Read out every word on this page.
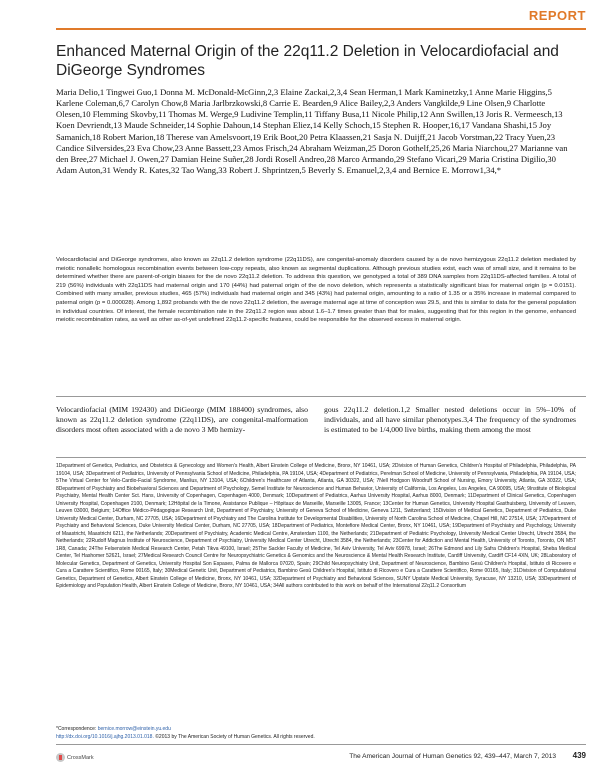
REPORT
Enhanced Maternal Origin of the 22q11.2 Deletion in Velocardiofacial and DiGeorge Syndromes

Maria Delio,1 Tingwei Guo,1 Donna M. McDonald-McGinn,2,3 Elaine Zackai,2,3,4 Sean Herman,1 Mark Kaminetzky,1 Anne Marie Higgins,5 Karlene Coleman,6,7 Carolyn Chow,8 Maria Jarlbrzkowski,8 Carrie E. Bearden,9 Alice Bailey,2,3 Anders Vangkilde,9 Line Olsen,9 Charlotte Olesen,10 Flemming Skovby,11 Thomas M. Werge,9 Ludivine Templin,11 Tiffany Busa,11 Nicole Philip,12 Ann Swillen,13 Joris R. Vermeesch,13 Koen Devriendt,13 Maude Schneider,14 Sophie Dahoun,14 Stephan Eliez,14 Kelly Schoch,15 Stephen R. Hooper,16,17 Vandana Shashi,15 Joy Samanich,18 Robert Marion,18 Therese van Amelsvoort,19 Erik Boot,20 Petra Klaassen,21 Sasja N. Duijff,21 Jacob Vorstman,22 Tracy Yuen,23 Candice Silversides,23 Eva Chow,23 Anne Bassett,23 Amos Frisch,24 Abraham Weizman,25 Doron Gothelf,25,26 Maria Niarchou,27 Marianne van den Bree,27 Michael J. Owen,27 Damian Heine Suñer,28 Jordi Rosell Andreo,28 Marco Armando,29 Stefano Vicari,29 Maria Cristina Digilio,30 Adam Auton,31 Wendy R. Kates,32 Tao Wang,33 Robert J. Shprintzen,5 Beverly S. Emanuel,2,3,4 and Bernice E. Morrow1,34,*

Velocardiofacial and DiGeorge syndromes, also known as 22q11.2 deletion syndrome (22q11DS), are congenital-anomaly disorders caused by a de novo hemizygous 22q11.2 deletion mediated by meiotic nonallelic homologous recombination events between low-copy repeats, also known as segmental duplications. Although previous studies exist, each was of small size, and it remains to be determined whether there are parent-of-origin biases for the de novo 22q11.2 deletion. To address this question, we genotyped a total of 389 DNA samples from 22q11DS-affected families. A total of 219 (56%) individuals with 22q11DS had maternal origin and 170 (44%) had paternal origin of the de novo deletion, which represents a statistically significant bias for maternal origin (p = 0.0151). Combined with many smaller, previous studies, 465 (57%) individuals had maternal origin and 345 (43%) had paternal origin, amounting to a ratio of 1.35 or a 35% increase in maternal compared to paternal origin (p = 0.000028). Among 1,892 probands with the de novo 22q11.2 deletion, the average maternal age at time of conception was 29.5, and this is similar to data for the general population in individual countries. Of interest, the female recombination rate in the 22q11.2 region was about 1.6–1.7 times greater than that for males, suggesting that for this region in the genome, enhanced meiotic recombination rates, as well as other as-of-yet undefined 22q11.2-specific features, could be responsible for the observed excess in maternal origin.

Velocardiofacial (MIM 192430) and DiGeorge (MIM 188400) syndromes, also known as 22q11.2 deletion syndrome (22q11DS), are congenital-malformation disorders most often associated with a de novo 3 Mb hemizy-

gous 22q11.2 deletion.1,2 Smaller nested deletions occur in 5%–10% of individuals, and all have similar phenotypes.3,4 The frequency of the syndromes is estimated to be 1/4,000 live births, making them among the most

1Department of Genetics, Pediatrics, and Obstetrics & Gynecology and Women's Health, Albert Einstein College of Medicine, Bronx, NY 10461, USA; 2Division of Human Genetics, Children's Hospital of Philadelphia, Philadelphia, PA 19104, USA; 3Department of Pediatrics, University of Pennsylvania School of Medicine, Philadelphia, PA 19104, USA; 4Department of Pediatrics, Perelman School of Medicine, University of Pennsylvania, Philadelphia, PA 19104, USA; 5The Virtual Center for Velo-Cardio-Facial Syndrome, Manlius, NY 13104, USA; 6Children's Healthcare of Atlanta, Atlanta, GA 30322, USA; 7Nell Hodgson Woodruff School of Nursing, Emory University, Atlanta, GA 30322, USA; 8Department of Psychiatry and Biobehavioral Sciences and Department of Psychology, Semel Institute for Neuroscience and Human Behavior, University of California, Los Angeles, Los Angeles, CA 90095, USA; 9Institute of Biological Psychiatry, Mental Health Center Sct. Hans, University of Copenhagen, Copenhagen 4000, Denmark; 10Department of Pediatrics, Aarhus University Hospital, Aarhus 8000, Denmark; 11Department of Clinical Genetics, Copenhagen University Hospital, Copenhagen 2100, Denmark; 12Hôpital de la Timone, Assistance Publique – Hôpitaux de Marseille, Marseille 13005, France; 13Center for Human Genetics, University Hospital Gasthuisberg, University of Leuven, Leuven 03000, Belgium; 14Office Médico-Pédagogique Research Unit, Department of Psychiatry, University of Geneva School of Medicine, Geneva 1211, Switzerland; 15Division of Medical Genetics, Department of Pediatrics, Duke University Medical Center, Durham, NC 27705, USA; 16Department of Psychiatry and The Carolina Institute for Developmental Disabilities, University of North Carolina School of Medicine, Chapel Hill, NC 27514, USA; 17Department of Psychiatry and Behavioral Sciences, Duke University Medical Center, Durham, NC 27705, USA; 18Department of Pediatrics, Montefiore Medical Center, Bronx, NY 10461, USA; 19Department of Psychiatry and Psychology, University of Maastricht, Maastricht 6211, the Netherlands; 20Department of Psychiatry, Academic Medical Centre, Amsterdam 1100, the Netherlands; 21Department of Pediatric Psychology, University Medical Center Utrecht, Utrecht 3584, the Netherlands; 22Rudolf Magnus Institute of Neuroscience, Department of Psychiatry, University Medical Center Utrecht, Utrecht 3584, the Netherlands; 23Center for Addiction and Mental Health, University of Toronto, Toronto, ON M5T 1R8, Canada; 24The Felsenstein Medical Research Center, Petah Tikva 49100, Israel; 25The Sackler Faculty of Medicine, Tel Aviv University, Tel Aviv 69978, Israel; 26The Edmond and Lily Safra Children's Hospital, Sheba Medical Center, Tel Hashomer 52621, Israel; 27Medical Research Council Centre for Neuropsychiatric Genetics & Genomics and the Neuroscience & Mental Health Research Institute, Cardiff University, Cardiff CF14 4XN, UK; 28Laboratory of Molecular Genetics, Department of Genetics, University Hospital Son Espases, Palma de Mallorca 07020, Spain; 29Child Neuropsychiatry Unit, Department of Neuroscience, Bambino Gesù Children's Hospital, Istituto di Ricovero e Cura a Carattere Scientifico, Rome 00165, Italy; 30Medical Genetic Unit, Department of Pediatrics, Bambino Gesù Children's Hospital, Istituto di Ricovero e Cura a Carattere Scientifico, Rome 00165, Italy; 31Division of Computational Genetics, Department of Genetics, Albert Einstein College of Medicine, Bronx, NY 10461, USA; 32Department of Psychiatry and Behavioral Sciences, SUNY Upstate Medical University, Syracuse, NY 13210, USA; 33Department of Epidemiology and Population Health, Albert Einstein College of Medicine, Bronx, NY 10461, USA; 34All authors contributed to this work on behalf of the International 22q11.2 Consortium

*Correspondence: bernice.morrow@einstein.yu.edu
http://dx.doi.org/10.1016/j.ajhg.2013.01.018. ©2013 by The American Society of Human Genetics. All rights reserved.
CrossMark	The American Journal of Human Genetics 92, 439–447, March 7, 2013 439
